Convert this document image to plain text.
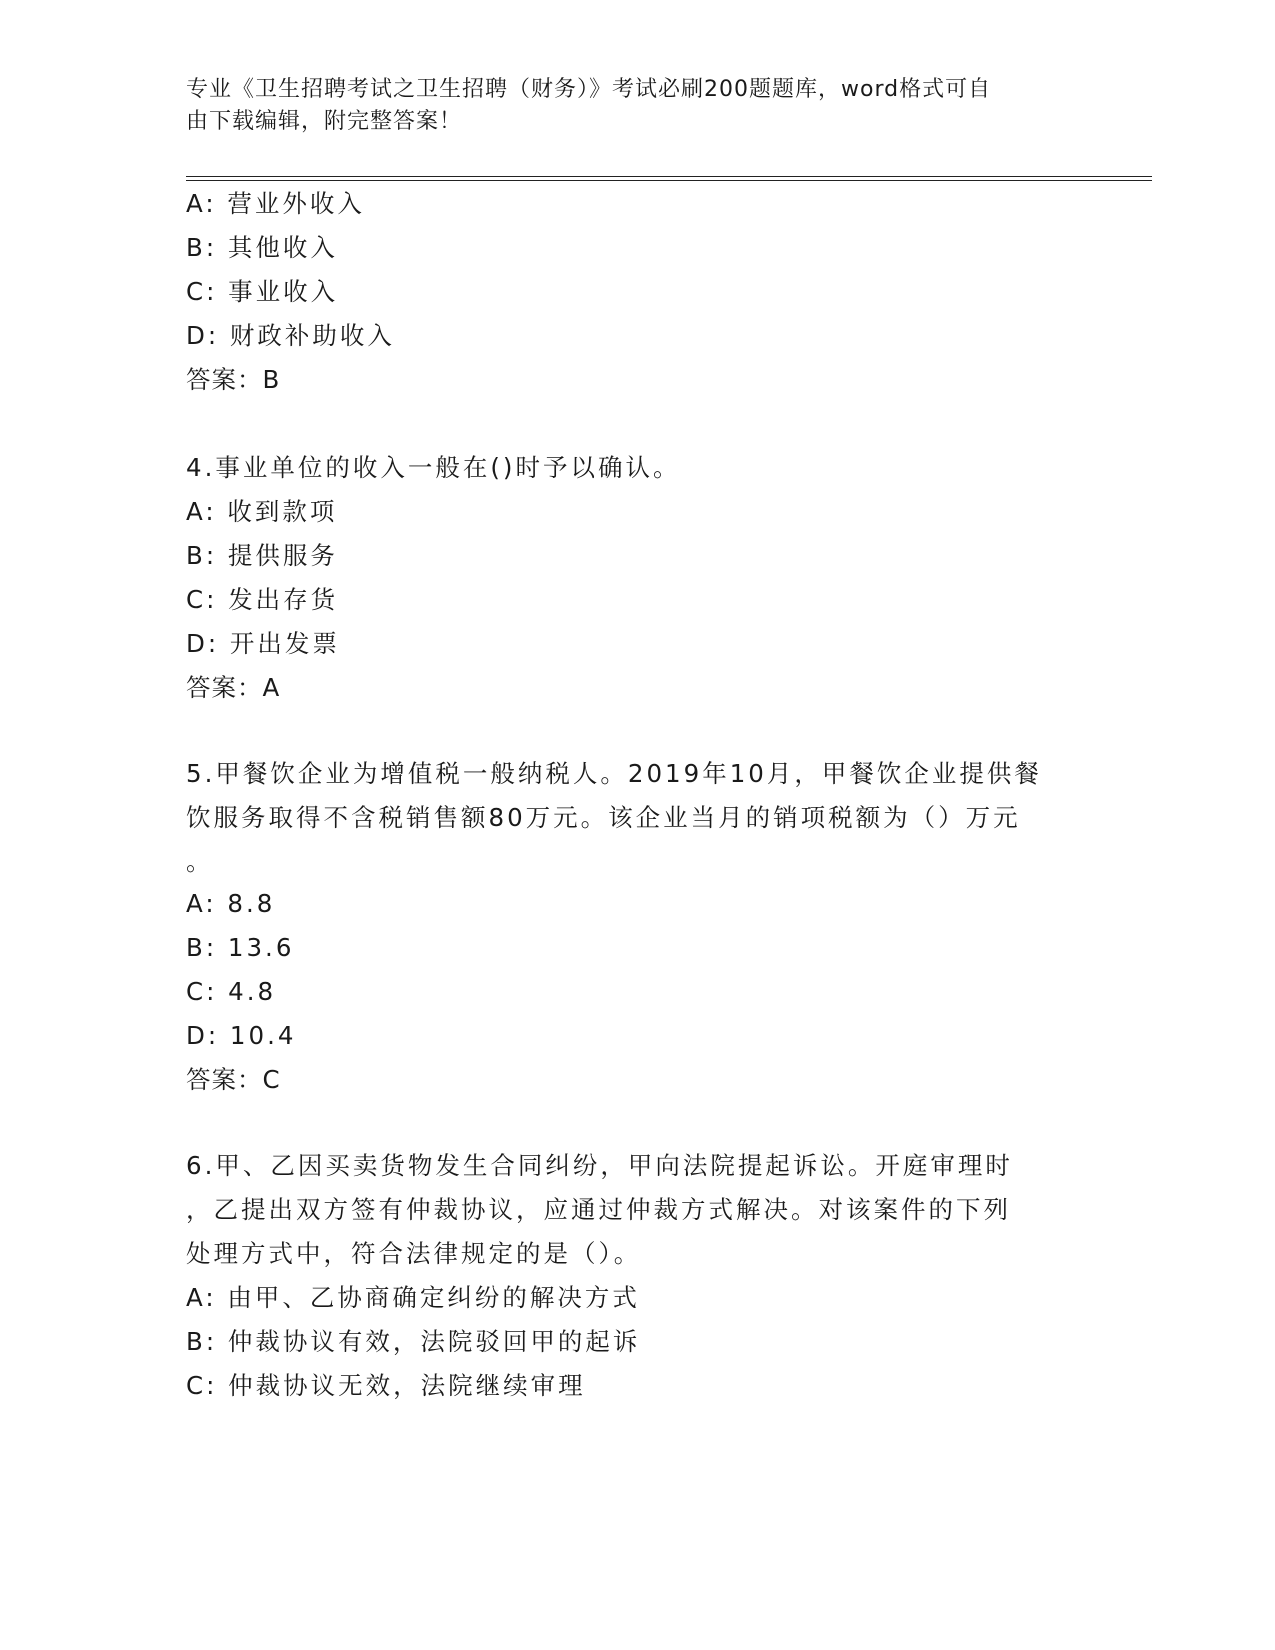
专业《卫生招聘考试之卫生招聘（财务）》考试必刷200题题库，word格式可自
由下载编辑，附完整答案！
A: 营业外收入
B: 其他收入
C: 事业收入
D: 财政补助收入
答案：B
4.事业单位的收入一般在()时予以确认。
A: 收到款项
B: 提供服务
C: 发出存货
D: 开出发票
答案：A
5.甲餐饮企业为增值税一般纳税人。2019年10月，甲餐饮企业提供餐
饮服务取得不含税销售额80万元。该企业当月的销项税额为（）万元
。
A: 8.8
B: 13.6
C: 4.8
D: 10.4
答案：C
6.甲、乙因买卖货物发生合同纠纷，甲向法院提起诉讼。开庭审理时
，乙提出双方签有仲裁协议，应通过仲裁方式解决。对该案件的下列
处理方式中，符合法律规定的是（）。
A: 由甲、乙协商确定纠纷的解决方式
B: 仲裁协议有效，法院驳回甲的起诉
C: 仲裁协议无效，法院继续审理
